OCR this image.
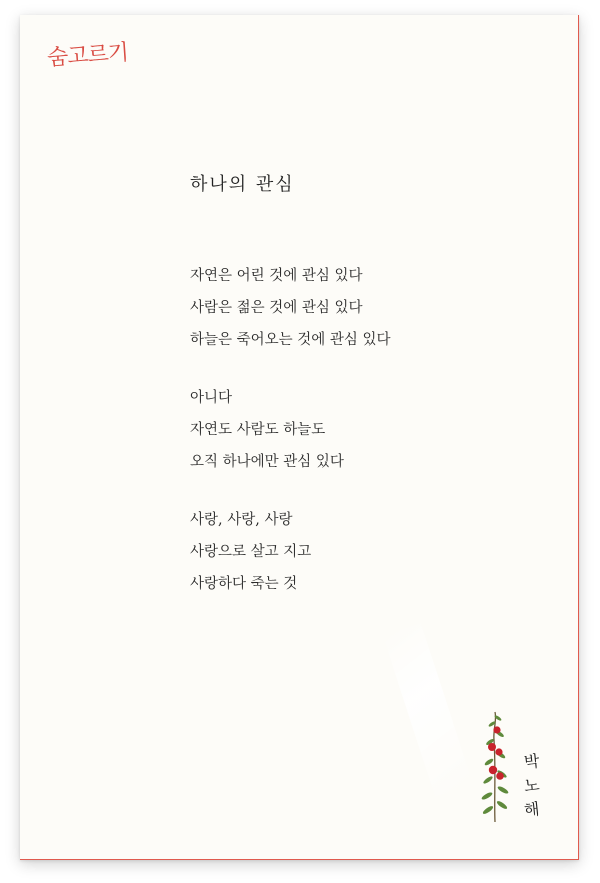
숨고르기
하나의 관심
자연은 어린 것에 관심 있다
사람은 젊은 것에 관심 있다
하늘은 죽어오는 것에 관심 있다
아니다
자연도 사람도 하늘도
오직 하나에만 관심 있다
사랑, 사랑, 사랑
사랑으로 살고 지고
사랑하다 죽는 것
박
노
해
